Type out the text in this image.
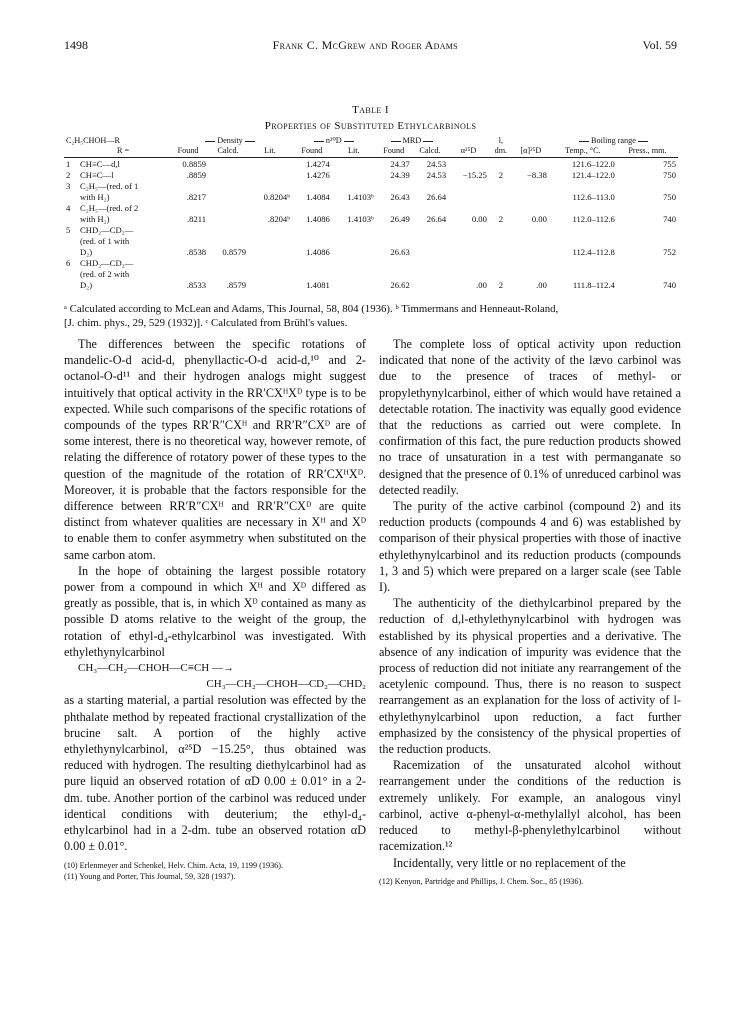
1498	Frank C. McGrew and Roger Adams	Vol. 59
Table I
Properties of Substituted Ethylcarbinols
C₂H₅CHOH—R		Density			n²⁰D		MRD			l,		Boiling range	
	R =	Found	Calcd.	Lit.	Found	Lit.	Found	Calcd.	α²⁵D	dm.	[α]²⁵D	Temp., °C.	Press., mm.
1	CH≡C—d,l	0.8859			1.4274		24.37	24.53				121.6–122.0	755
2	CH≡C—l	.8859			1.4276		24.39	24.53	−15.25	2	−8.38	121.4–122.0	750
3	C₂H₅—(red. of 1												
	with H₂)	.8217		0.8204ᵇ	1.4084	1.4103ᵇ	26.43	26.64				112.6–113.0	750
4	C₂H₅—(red. of 2												
	with H₂)	.8211		.8204ᵇ	1.4086	1.4103ᵇ	26.49	26.64	0.00	2	0.00	112.0–112.6	740
5	CHD₂—CD₂—												
	(red. of 1 with												
	D₂)	.8538	0.8579		1.4086		26.63					112.4–112.8	752
6	CHD₂—CD₂—												
	(red. of 2 with												
	D₂)	.8533	.8579		1.4081		26.62		.00	2	.00	111.8–112.4	740
ᵃ Calculated according to McLean and Adams, This Journal, 58, 804 (1936). ᵇ Timmermans and Henneaut-Roland,
[J. chim. phys., 29, 529 (1932)]. ᶜ Calculated from Brühl's values.

The differences between the specific rotations of mandelic-O-d acid-d, phenyllactic-O-d acid-d,¹⁰ and 2-octanol-O-d¹¹ and their hydrogen analogs might suggest intuitively that optical activity in the RR′CXᴴXᴰ type is to be expected. While such comparisons of the specific rotations of compounds of the types RR′R″CXᴴ and RR′R″CXᴰ are of some interest, there is no theoretical way, however remote, of relating the difference of rotatory power of these types to the question of the magnitude of the rotation of RR′CXᴴXᴰ. Moreover, it is probable that the factors responsible for the difference between RR′R″CXᴴ and RR′R″CXᴰ are quite distinct from whatever qualities are necessary in Xᴴ and Xᴰ to enable them to confer asymmetry when substituted on the same carbon atom.

In the hope of obtaining the largest possible rotatory power from a compound in which Xᴴ and Xᴰ differed as greatly as possible, that is, in which Xᴰ contained as many as possible D atoms relative to the weight of the group, the rotation of ethyl-d₄-ethylcarbinol was investigated. With ethylethynylcarbinol

CH₃—CH₂—CHOH—C≡CH —→

CH₃—CH₂—CHOH—CD₂—CHD₂

as a starting material, a partial resolution was effected by the phthalate method by repeated fractional crystallization of the brucine salt. A portion of the highly active ethylethynylcarbinol, α²⁵D −15.25°, thus obtained was reduced with hydrogen. The resulting diethylcarbinol had as pure liquid an observed rotation of αD 0.00 ± 0.01° in a 2-dm. tube. Another portion of the carbinol was reduced under identical conditions with deuterium; the ethyl-d₄-ethylcarbinol had in a 2-dm. tube an observed rotation αD 0.00 ± 0.01°.

(10) Erlenmeyer and Schenkel, Helv. Chim. Acta, 19, 1199 (1936).
(11) Young and Porter, This Journal, 59, 328 (1937).

The complete loss of optical activity upon reduction indicated that none of the activity of the lævo carbinol was due to the presence of traces of methyl- or propylethynylcarbinol, either of which would have retained a detectable rotation. The inactivity was equally good evidence that the reductions as carried out were complete. In confirmation of this fact, the pure reduction products showed no trace of unsaturation in a test with permanganate so designed that the presence of 0.1% of unreduced carbinol was detected readily.

The purity of the active carbinol (compound 2) and its reduction products (compounds 4 and 6) was established by comparison of their physical properties with those of inactive ethylethynylcarbinol and its reduction products (compounds 1, 3 and 5) which were prepared on a larger scale (see Table I).

The authenticity of the diethylcarbinol prepared by the reduction of d,l-ethylethynylcarbinol with hydrogen was established by its physical properties and a derivative. The absence of any indication of impurity was evidence that the process of reduction did not initiate any rearrangement of the acetylenic compound. Thus, there is no reason to suspect rearrangement as an explanation for the loss of activity of l-ethylethynylcarbinol upon reduction, a fact further emphasized by the consistency of the physical properties of the reduction products.

Racemization of the unsaturated alcohol without rearrangement under the conditions of the reduction is extremely unlikely. For example, an analogous vinyl carbinol, active α-phenyl-α-methylallyl alcohol, has been reduced to methyl-β-phenylethylcarbinol without racemization.¹²

Incidentally, very little or no replacement of the

(12) Kenyon, Partridge and Phillips, J. Chem. Soc., 85 (1936).
